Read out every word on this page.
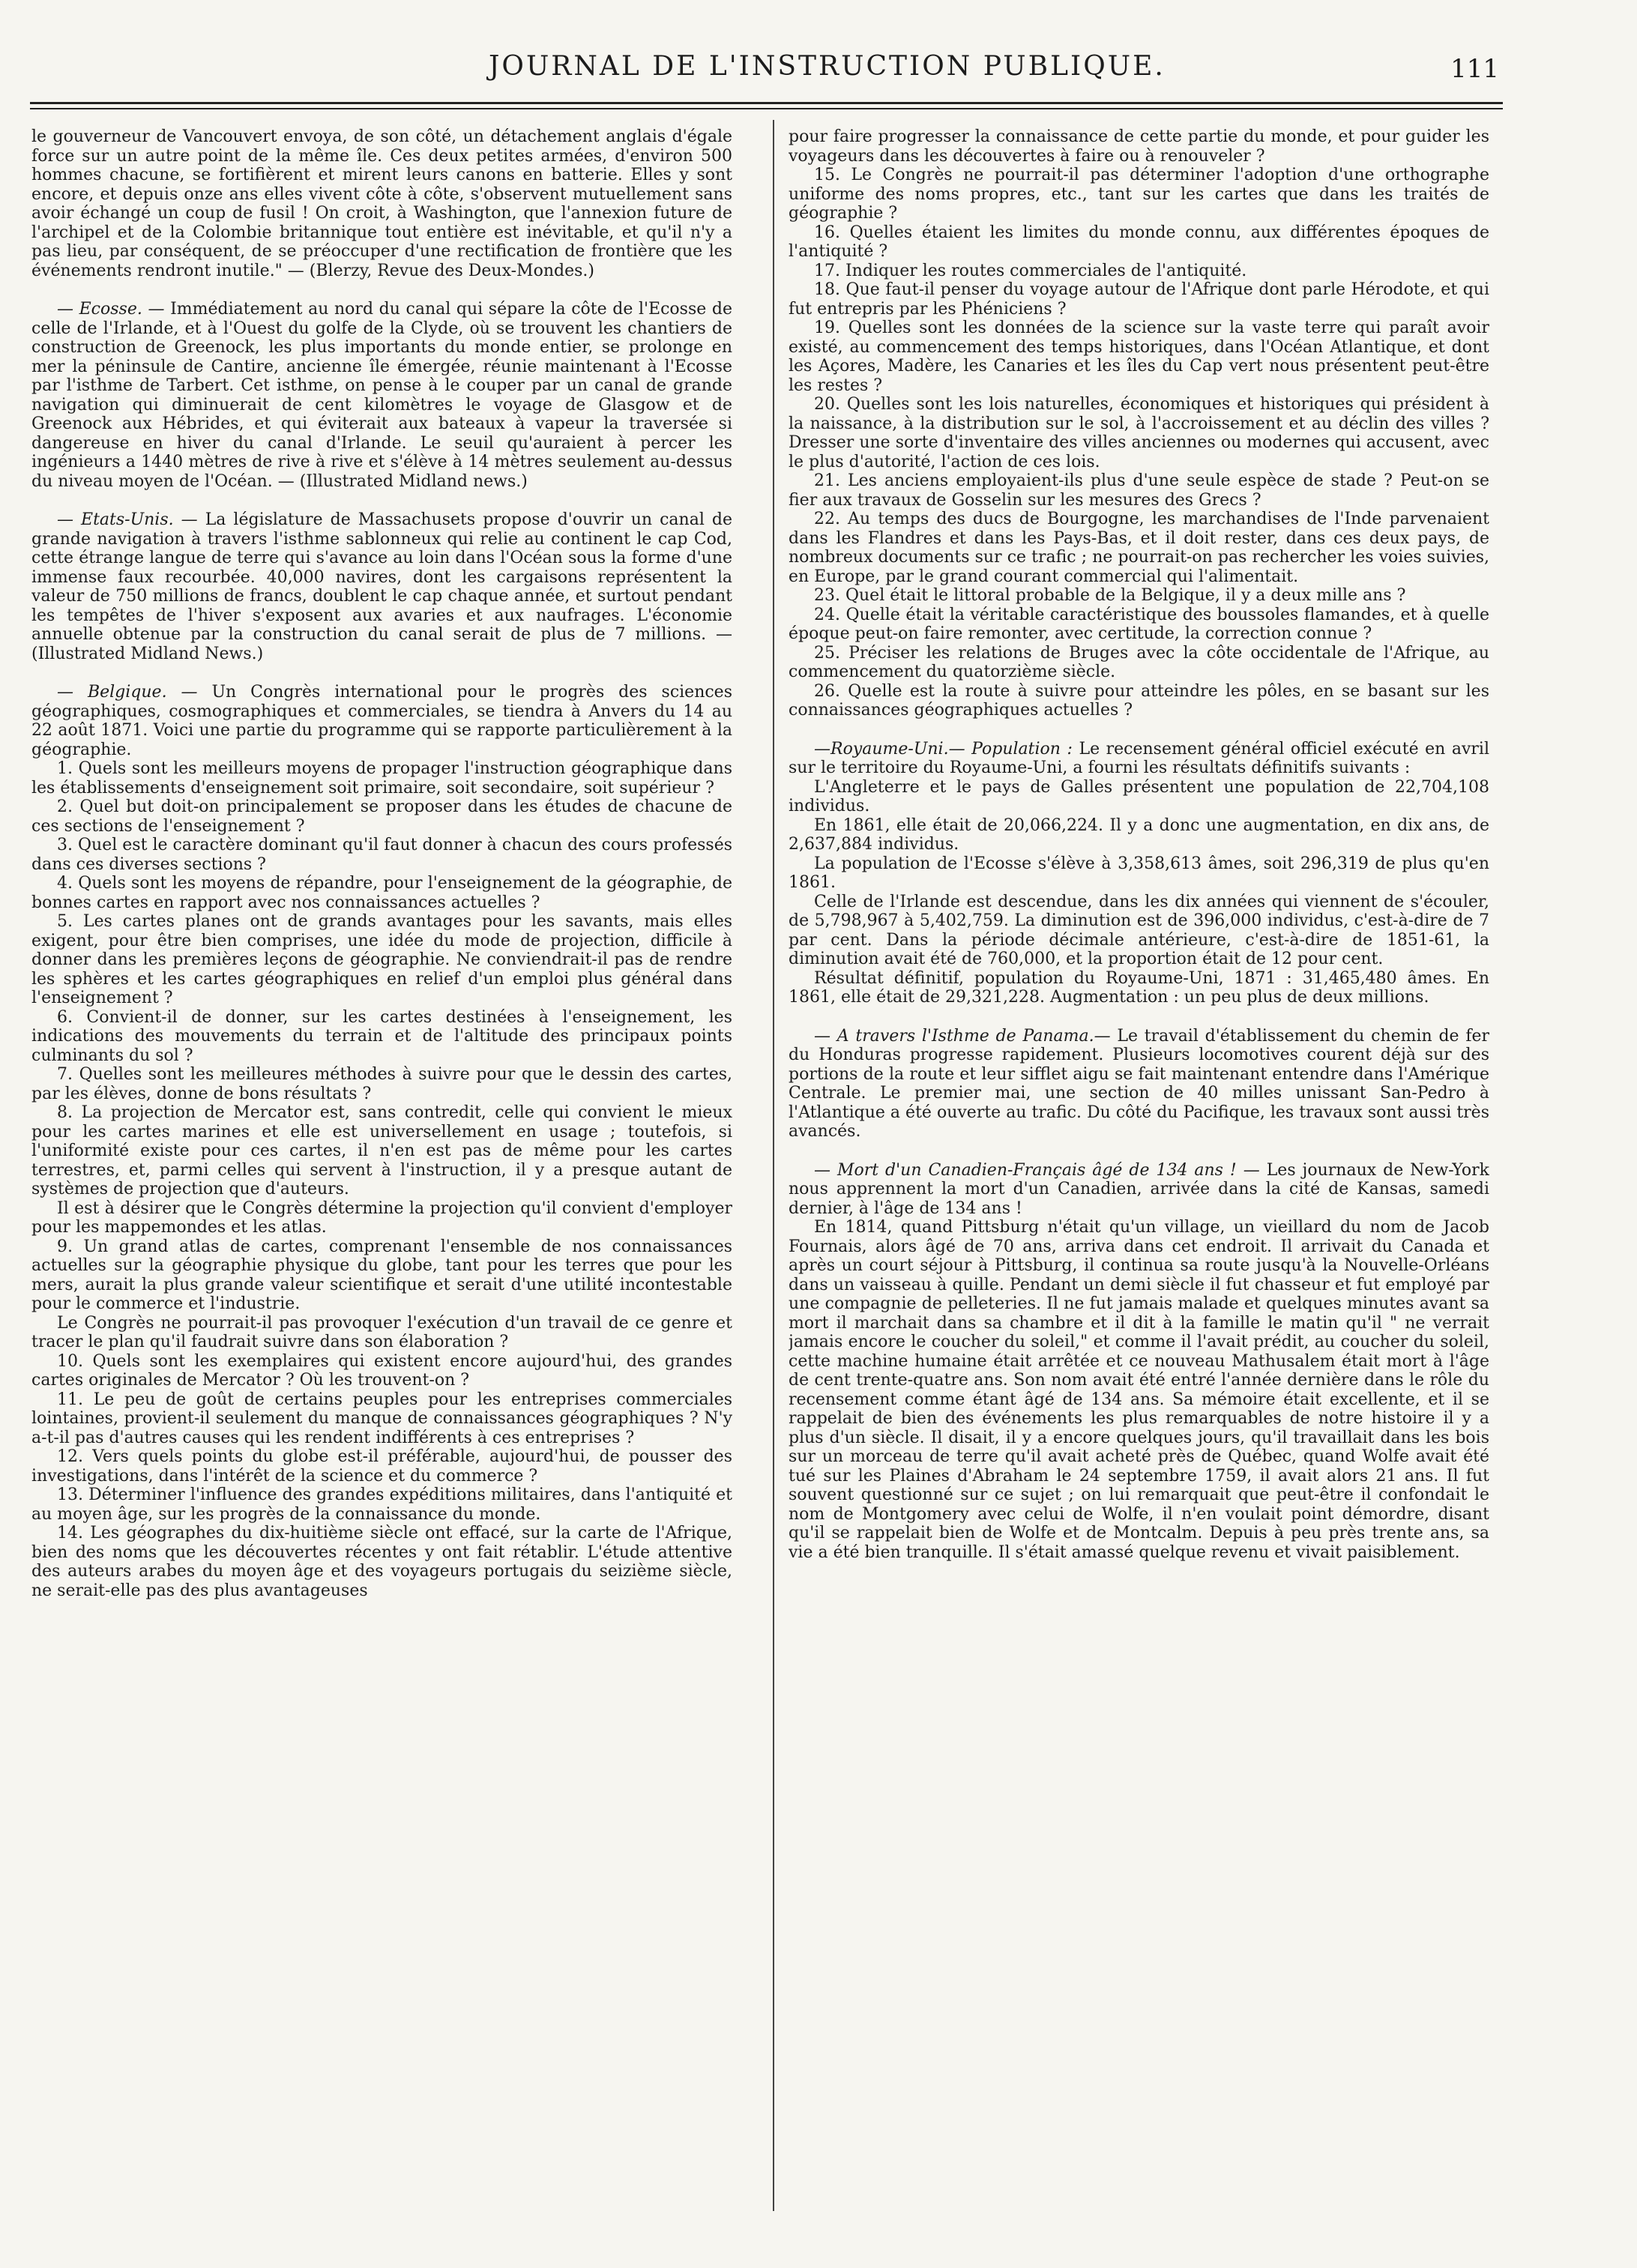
JOURNAL DE L'INSTRUCTION PUBLIQUE.	111
le gouverneur de Vancouvert envoya, de son côté, un détachement anglais d'égale force sur un autre point de la même île. Ces deux petites armées, d'environ 500 hommes chacune, se fortifièrent et mirent leurs canons en batterie. Elles y sont encore, et depuis onze ans elles vivent côte à côte, s'observent mutuellement sans avoir échangé un coup de fusil ! On croit, à Washington, que l'annexion future de l'archipel et de la Colombie britannique tout entière est inévitable, et qu'il n'y a pas lieu, par conséquent, de se préoccuper d'une rectification de frontière que les événements rendront inutile." — (Blerzy, Revue des Deux-Mondes.)
— Ecosse. — Immédiatement au nord du canal qui sépare la côte de l'Ecosse de celle de l'Irlande, et à l'Ouest du golfe de la Clyde, où se trouvent les chantiers de construction de Greenock, les plus importants du monde entier, se prolonge en mer la péninsule de Cantire, ancienne île émergée, réunie maintenant à l'Ecosse par l'isthme de Tarbert. Cet isthme, on pense à le couper par un canal de grande navigation qui diminuerait de cent kilomètres le voyage de Glasgow et de Greenock aux Hébrides, et qui éviterait aux bateaux à vapeur la traversée si dangereuse en hiver du canal d'Irlande. Le seuil qu'auraient à percer les ingénieurs a 1440 mètres de rive à rive et s'élève à 14 mètres seulement au-dessus du niveau moyen de l'Océan. — (Illustrated Midland news.)
— Etats-Unis. — La législature de Massachusets propose d'ouvrir un canal de grande navigation à travers l'isthme sablonneux qui relie au continent le cap Cod, cette étrange langue de terre qui s'avance au loin dans l'Océan sous la forme d'une immense faux recourbée. 40,000 navires, dont les cargaisons représentent la valeur de 750 millions de francs, doublent le cap chaque année, et surtout pendant les tempêtes de l'hiver s'exposent aux avaries et aux naufrages. L'économie annuelle obtenue par la construction du canal serait de plus de 7 millions. — (Illustrated Midland News.)
— Belgique. — Un Congrès international pour le progrès des sciences géographiques, cosmographiques et commerciales, se tiendra à Anvers du 14 au 22 août 1871. Voici une partie du programme qui se rapporte particulièrement à la géographie.

1. Quels sont les meilleurs moyens de propager l'instruction géographique dans les établissements d'enseignement soit primaire, soit secondaire, soit supérieur ?

2. Quel but doit-on principalement se proposer dans les études de chacune de ces sections de l'enseignement ?

3. Quel est le caractère dominant qu'il faut donner à chacun des cours professés dans ces diverses sections ?

4. Quels sont les moyens de répandre, pour l'enseignement de la géographie, de bonnes cartes en rapport avec nos connaissances actuelles ?

5. Les cartes planes ont de grands avantages pour les savants, mais elles exigent, pour être bien comprises, une idée du mode de projection, difficile à donner dans les premières leçons de géographie. Ne conviendrait-il pas de rendre les sphères et les cartes géographiques en relief d'un emploi plus général dans l'enseignement ?

6. Convient-il de donner, sur les cartes destinées à l'enseignement, les indications des mouvements du terrain et de l'altitude des principaux points culminants du sol ?

7. Quelles sont les meilleures méthodes à suivre pour que le dessin des cartes, par les élèves, donne de bons résultats ?

8. La projection de Mercator est, sans contredit, celle qui convient le mieux pour les cartes marines et elle est universellement en usage ; toutefois, si l'uniformité existe pour ces cartes, il n'en est pas de même pour les cartes terrestres, et, parmi celles qui servent à l'instruction, il y a presque autant de systèmes de projection que d'auteurs.

Il est à désirer que le Congrès détermine la projection qu'il convient d'employer pour les mappemondes et les atlas.

9. Un grand atlas de cartes, comprenant l'ensemble de nos connaissances actuelles sur la géographie physique du globe, tant pour les terres que pour les mers, aurait la plus grande valeur scientifique et serait d'une utilité incontestable pour le commerce et l'industrie.

Le Congrès ne pourrait-il pas provoquer l'exécution d'un travail de ce genre et tracer le plan qu'il faudrait suivre dans son élaboration ?

10. Quels sont les exemplaires qui existent encore aujourd'hui, des grandes cartes originales de Mercator ? Où les trouvent-on ?

11. Le peu de goût de certains peuples pour les entreprises commerciales lointaines, provient-il seulement du manque de connaissances géographiques ? N'y a-t-il pas d'autres causes qui les rendent indifférents à ces entreprises ?

12. Vers quels points du globe est-il préférable, aujourd'hui, de pousser des investigations, dans l'intérêt de la science et du commerce ?

13. Déterminer l'influence des grandes expéditions militaires, dans l'antiquité et au moyen âge, sur les progrès de la connaissance du monde.

14. Les géographes du dix-huitième siècle ont effacé, sur la carte de l'Afrique, bien des noms que les découvertes récentes y ont fait rétablir. L'étude attentive des auteurs arabes du moyen âge et des voyageurs portugais du seizième siècle, ne serait-elle pas des plus avantageuses

pour faire progresser la connaissance de cette partie du monde, et pour guider les voyageurs dans les découvertes à faire ou à renouveler ?

15. Le Congrès ne pourrait-il pas déterminer l'adoption d'une orthographe uniforme des noms propres, etc., tant sur les cartes que dans les traités de géographie ?

16. Quelles étaient les limites du monde connu, aux différentes époques de l'antiquité ?

17. Indiquer les routes commerciales de l'antiquité.

18. Que faut-il penser du voyage autour de l'Afrique dont parle Hérodote, et qui fut entrepris par les Phéniciens ?

19. Quelles sont les données de la science sur la vaste terre qui paraît avoir existé, au commencement des temps historiques, dans l'Océan Atlantique, et dont les Açores, Madère, les Canaries et les îles du Cap vert nous présentent peut-être les restes ?

20. Quelles sont les lois naturelles, économiques et historiques qui président à la naissance, à la distribution sur le sol, à l'accroissement et au déclin des villes ? Dresser une sorte d'inventaire des villes anciennes ou modernes qui accusent, avec le plus d'autorité, l'action de ces lois.

21. Les anciens employaient-ils plus d'une seule espèce de stade ? Peut-on se fier aux travaux de Gosselin sur les mesures des Grecs ?

22. Au temps des ducs de Bourgogne, les marchandises de l'Inde parvenaient dans les Flandres et dans les Pays-Bas, et il doit rester, dans ces deux pays, de nombreux documents sur ce trafic ; ne pourrait-on pas rechercher les voies suivies, en Europe, par le grand courant commercial qui l'alimentait.

23. Quel était le littoral probable de la Belgique, il y a deux mille ans ?

24. Quelle était la véritable caractéristique des boussoles flamandes, et à quelle époque peut-on faire remonter, avec certitude, la correction connue ?

25. Préciser les relations de Bruges avec la côte occidentale de l'Afrique, au commencement du quatorzième siècle.

26. Quelle est la route à suivre pour atteindre les pôles, en se basant sur les connaissances géographiques actuelles ?

—Royaume-Uni.— Population : Le recensement général officiel exécuté en avril sur le territoire du Royaume-Uni, a fourni les résultats définitifs suivants :

L'Angleterre et le pays de Galles présentent une population de 22,704,108 individus.

En 1861, elle était de 20,066,224. Il y a donc une augmentation, en dix ans, de 2,637,884 individus.

La population de l'Ecosse s'élève à 3,358,613 âmes, soit 296,319 de plus qu'en 1861.

Celle de l'Irlande est descendue, dans les dix années qui viennent de s'écouler, de 5,798,967 à 5,402,759. La diminution est de 396,000 individus, c'est-à-dire de 7 par cent. Dans la période décimale antérieure, c'est-à-dire de 1851-61, la diminution avait été de 760,000, et la proportion était de 12 pour cent.

Résultat définitif, population du Royaume-Uni, 1871 : 31,465,480 âmes. En 1861, elle était de 29,321,228. Augmentation : un peu plus de deux millions.

— A travers l'Isthme de Panama.— Le travail d'établissement du chemin de fer du Honduras progresse rapidement. Plusieurs locomotives courent déjà sur des portions de la route et leur sifflet aigu se fait maintenant entendre dans l'Amérique Centrale. Le premier mai, une section de 40 milles unissant San-Pedro à l'Atlantique a été ouverte au trafic. Du côté du Pacifique, les travaux sont aussi très avancés.

— Mort d'un Canadien-Français âgé de 134 ans ! — Les journaux de New-York nous apprennent la mort d'un Canadien, arrivée dans la cité de Kansas, samedi dernier, à l'âge de 134 ans !

En 1814, quand Pittsburg n'était qu'un village, un vieillard du nom de Jacob Fournais, alors âgé de 70 ans, arriva dans cet endroit. Il arrivait du Canada et après un court séjour à Pittsburg, il continua sa route jusqu'à la Nouvelle-Orléans dans un vaisseau à quille. Pendant un demi siècle il fut chasseur et fut employé par une compagnie de pelleteries. Il ne fut jamais malade et quelques minutes avant sa mort il marchait dans sa chambre et il dit à la famille le matin qu'il " ne verrait jamais encore le coucher du soleil," et comme il l'avait prédit, au coucher du soleil, cette machine humaine était arrêtée et ce nouveau Mathusalem était mort à l'âge de cent trente-quatre ans. Son nom avait été entré l'année dernière dans le rôle du recensement comme étant âgé de 134 ans. Sa mémoire était excellente, et il se rappelait de bien des événements les plus remarquables de notre histoire il y a plus d'un siècle. Il disait, il y a encore quelques jours, qu'il travaillait dans les bois sur un morceau de terre qu'il avait acheté près de Québec, quand Wolfe avait été tué sur les Plaines d'Abraham le 24 septembre 1759, il avait alors 21 ans. Il fut souvent questionné sur ce sujet ; on lui remarquait que peut-être il confondait le nom de Montgomery avec celui de Wolfe, il n'en voulait point démordre, disant qu'il se rappelait bien de Wolfe et de Montcalm. Depuis à peu près trente ans, sa vie a été bien tranquille. Il s'était amassé quelque revenu et vivait paisiblement.
